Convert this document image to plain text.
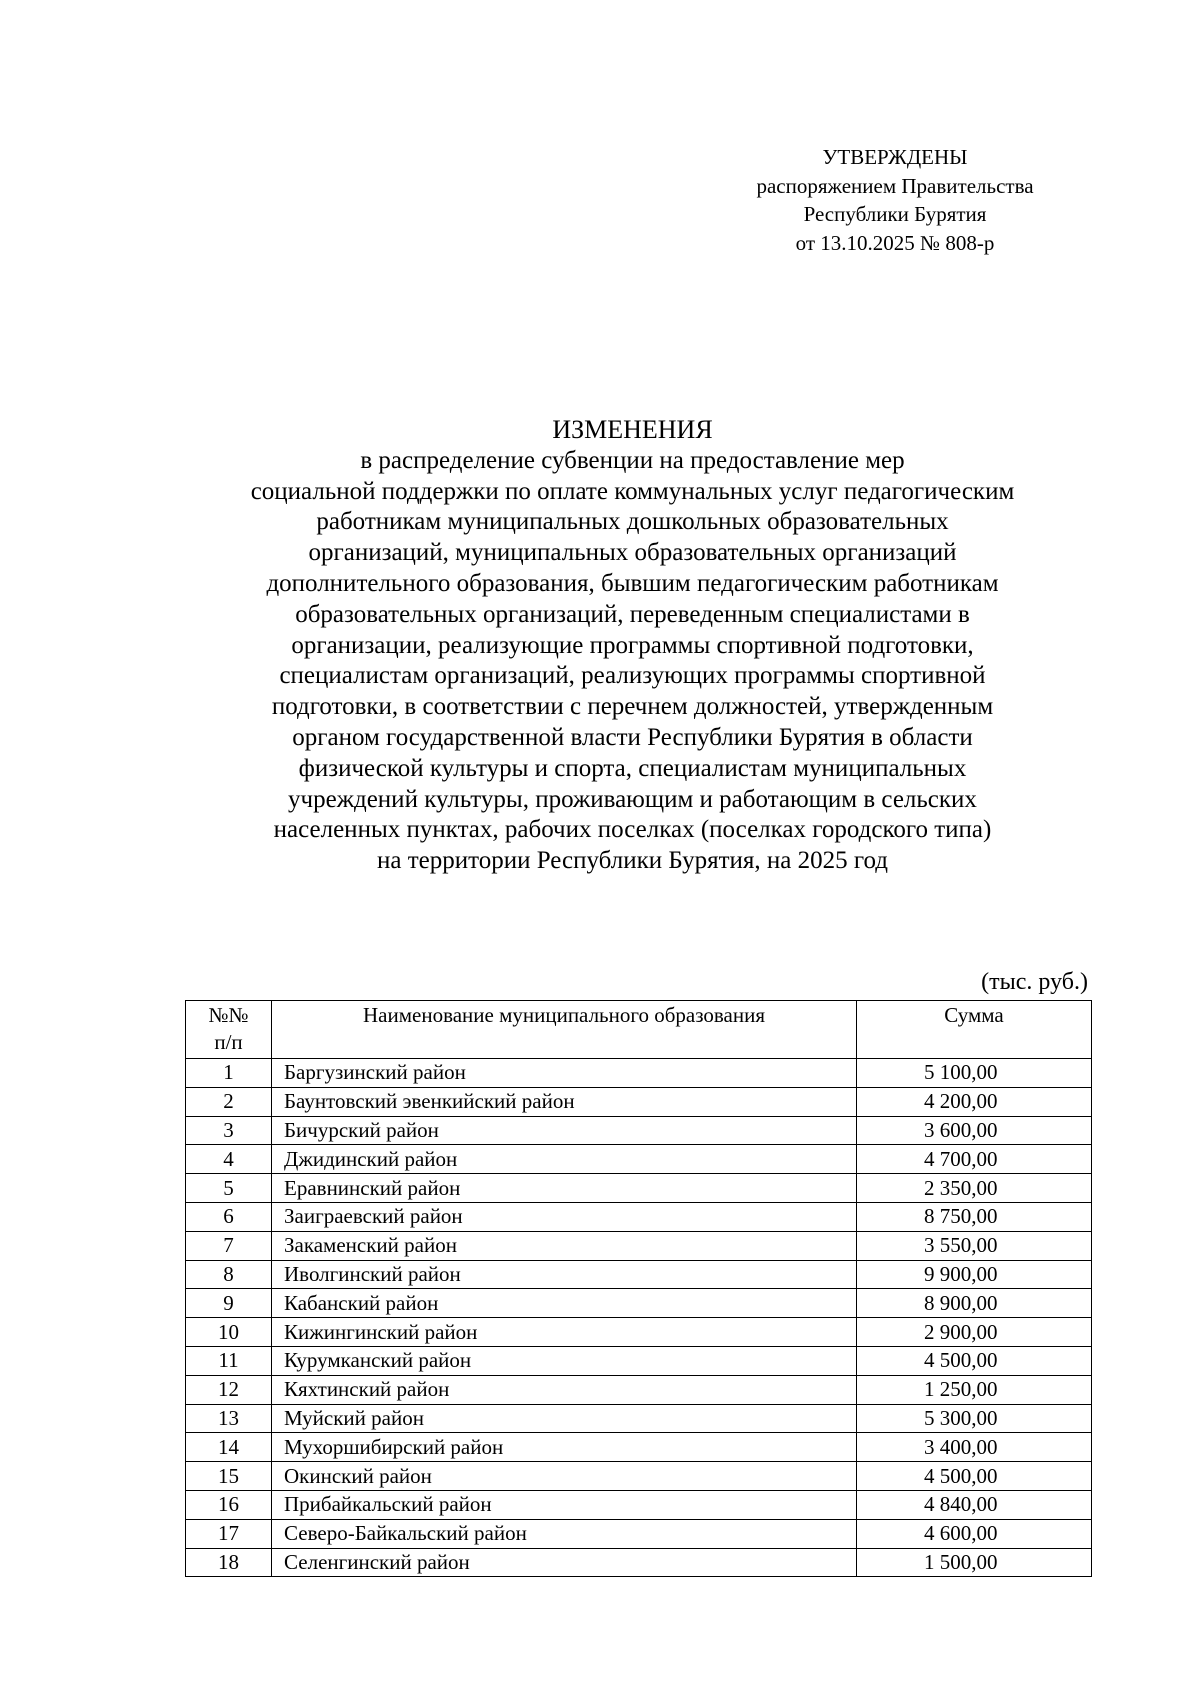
УТВЕРЖДЕНЫ
распоряжением Правительства
Республики Бурятия
от 13.10.2025 № 808-р
ИЗМЕНЕНИЯ
в распределение субвенции на предоставление мер
социальной поддержки по оплате коммунальных услуг педагогическим
работникам муниципальных дошкольных образовательных
организаций, муниципальных образовательных организаций
дополнительного образования, бывшим педагогическим работникам
образовательных организаций, переведенным специалистами в
организации, реализующие программы спортивной подготовки,
специалистам организаций, реализующих программы спортивной
подготовки, в соответствии с перечнем должностей, утвержденным
органом государственной власти Республики Бурятия в области
физической культуры и спорта, специалистам муниципальных
учреждений культуры, проживающим и работающим в сельских
населенных пунктах, рабочих поселках (поселках городского типа)
на территории Республики Бурятия, на 2025 год
(тыс. руб.)
№№
п/п	Наименование муниципального образования	Сумма
1	Баргузинский район	5 100,00
2	Баунтовский эвенкийский район	4 200,00
3	Бичурский район	3 600,00
4	Джидинский район	4 700,00
5	Еравнинский район	2 350,00
6	Заиграевский район	8 750,00
7	Закаменский район	3 550,00
8	Иволгинский район	9 900,00
9	Кабанский район	8 900,00
10	Кижингинский район	2 900,00
11	Курумканский район	4 500,00
12	Кяхтинский район	1 250,00
13	Муйский район	5 300,00
14	Мухоршибирский район	3 400,00
15	Окинский район	4 500,00
16	Прибайкальский район	4 840,00
17	Северо-Байкальский район	4 600,00
18	Селенгинский район	1 500,00
